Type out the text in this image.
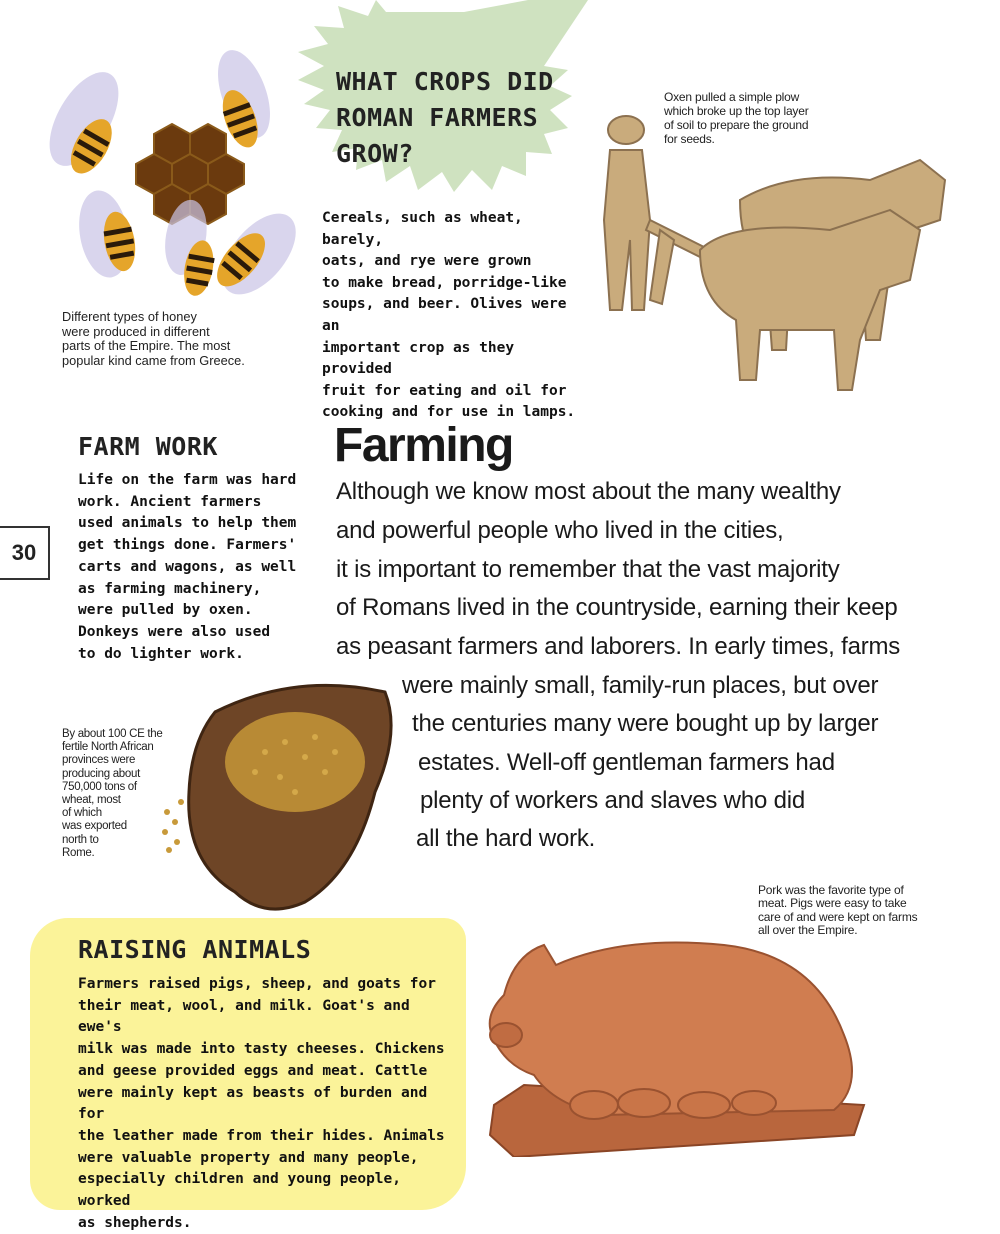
WHAT CROPS DID ROMAN FARMERS GROW?
Cereals, such as wheat, barely,
oats, and rye were grown
to make bread, porridge-like
soups, and beer. Olives were an
important crop as they provided
fruit for eating and oil for
cooking and for use in lamps.
Different types of honey
were produced in different
parts of the Empire. The most
popular kind came from Greece.
Oxen pulled a simple plow
which broke up the top layer
of soil to prepare the ground
for seeds.
FARM WORK
Life on the farm was hard
work. Ancient farmers
used animals to help them
get things done. Farmers'
carts and wagons, as well
as farming machinery,
were pulled by oxen.
Donkeys were also used
to do lighter work.
30
Farming
Although we know most about the many wealthy
and powerful people who lived in the cities,
it is important to remember that the vast majority
of Romans lived in the countryside, earning their keep
as peasant farmers and laborers. In early times, farms
were mainly small, family-run places, but over
the centuries many were bought up by larger
estates. Well-off gentleman farmers had
plenty of workers and slaves who did
all the hard work.
By about 100 CE the
fertile North African
provinces were
producing about
750,000 tons of
wheat, most
of which
was exported
north to
Rome.
RAISING ANIMALS
Farmers raised pigs, sheep, and goats for
their meat, wool, and milk. Goat's and ewe's
milk was made into tasty cheeses. Chickens
and geese provided eggs and meat. Cattle
were mainly kept as beasts of burden and for
the leather made from their hides. Animals
were valuable property and many people,
especially children and young people, worked
as shepherds.
Pork was the favorite type of
meat. Pigs were easy to take
care of and were kept on farms
all over the Empire.
